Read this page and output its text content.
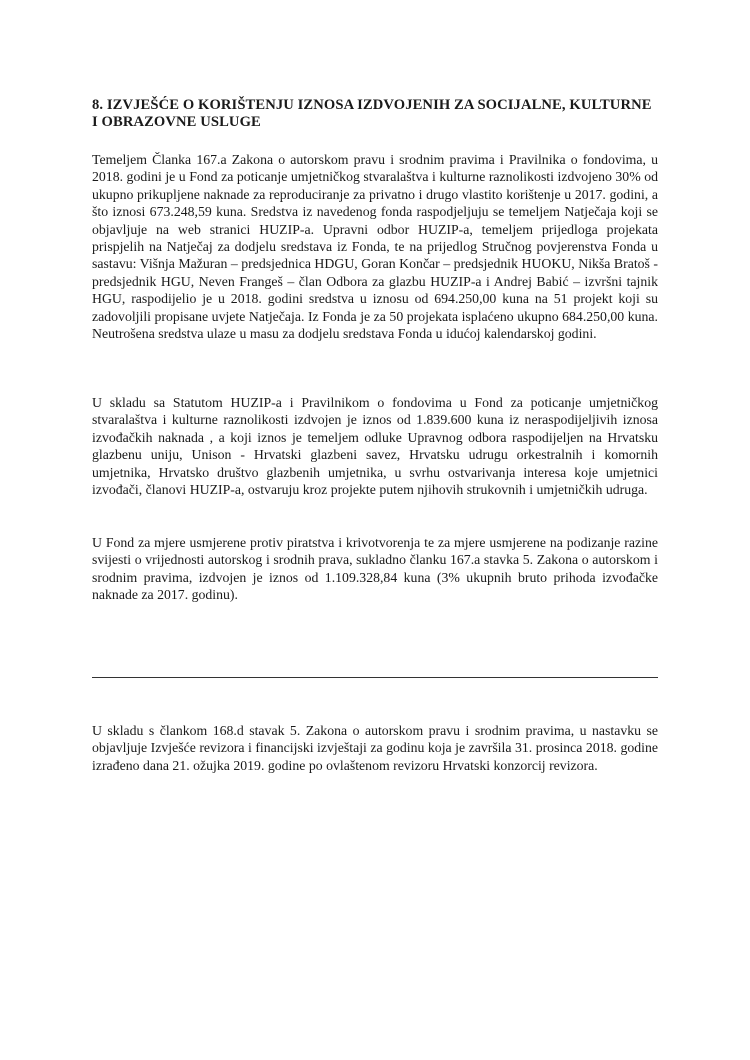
8. IZVJEŠĆE O KORIŠTENJU IZNOSA IZDVOJENIH ZA SOCIJALNE, KULTURNE I OBRAZOVNE USLUGE

Temeljem Članka 167.a Zakona o autorskom pravu i srodnim pravima i Pravilnika o fondovima, u 2018. godini je u Fond za poticanje umjetničkog stvaralaštva i kulturne raznolikosti izdvojeno 30% od ukupno prikupljene naknade za reproduciranje za privatno i drugo vlastito korištenje u 2017. godini, a što iznosi 673.248,59 kuna. Sredstva iz navedenog fonda raspodjeljuju se temeljem Natječaja koji se objavljuje na web stranici HUZIP-a. Upravni odbor HUZIP-a, temeljem prijedloga projekata prispjelih na Natječaj za dodjelu sredstava iz Fonda, te na prijedlog Stručnog povjerenstva Fonda u sastavu: Višnja Mažuran – predsjednica HDGU, Goran Končar – predsjednik HUOKU, Nikša Bratoš - predsjednik HGU, Neven Frangeš – član Odbora za glazbu HUZIP-a i Andrej Babić – izvršni tajnik HGU, raspodijelio je u 2018. godini sredstva u iznosu od 694.250,00 kuna na 51 projekt koji su zadovoljili propisane uvjete Natječaja. Iz Fonda je za 50 projekata isplaćeno ukupno 684.250,00 kuna. Neutrošena sredstva ulaze u masu za dodjelu sredstava Fonda u idućoj kalendarskoj godini.

U skladu sa Statutom HUZIP-a i Pravilnikom o fondovima u Fond za poticanje umjetničkog stvaralaštva i kulturne raznolikosti izdvojen je iznos od 1.839.600 kuna iz neraspodijeljivih iznosa izvođačkih naknada , a koji iznos je temeljem odluke Upravnog odbora raspodijeljen na Hrvatsku glazbenu uniju, Unison - Hrvatski glazbeni savez, Hrvatsku udrugu orkestralnih i komornih umjetnika, Hrvatsko društvo glazbenih umjetnika, u svrhu ostvarivanja interesa koje umjetnici izvođači, članovi HUZIP-a, ostvaruju kroz projekte putem njihovih strukovnih i umjetničkih udruga.

U Fond za mjere usmjerene protiv piratstva i krivotvorenja te za mjere usmjerene na podizanje razine svijesti o vrijednosti autorskog i srodnih prava, sukladno članku 167.a stavka 5. Zakona o autorskom i srodnim pravima, izdvojen je iznos od 1.109.328,84 kuna (3% ukupnih bruto prihoda izvođačke naknade za 2017. godinu).

U skladu s člankom 168.d stavak 5. Zakona o autorskom pravu i srodnim pravima, u nastavku se objavljuje Izvješće revizora i financijski izvještaji za godinu koja je završila 31. prosinca 2018. godine izrađeno dana 21. ožujka 2019. godine po ovlaštenom revizoru Hrvatski konzorcij revizora.
